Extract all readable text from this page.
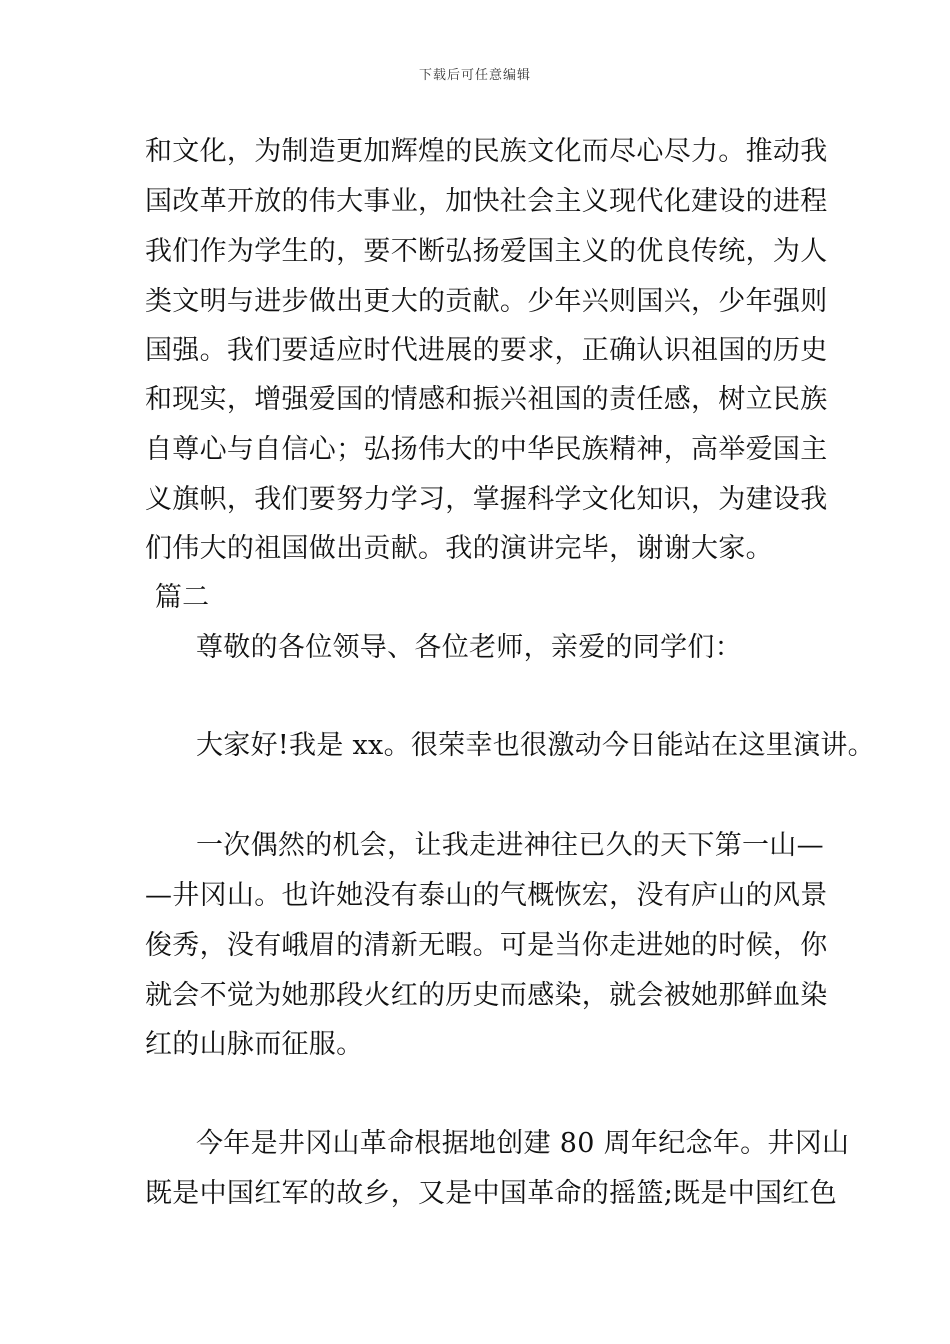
下载后可任意编辑
和文化，为制造更加辉煌的民族文化而尽心尽力。推动我
国改革开放的伟大事业，加快社会主义现代化建设的进程
我们作为学生的，要不断弘扬爱国主义的优良传统，为人
类文明与进步做出更大的贡献。少年兴则国兴，少年强则
国强。我们要适应时代进展的要求，正确认识祖国的历史
和现实，增强爱国的情感和振兴祖国的责任感，树立民族
自尊心与自信心；弘扬伟大的中华民族精神，高举爱国主
义旗帜，我们要努力学习，掌握科学文化知识，为建设我
们伟大的祖国做出贡献。我的演讲完毕，谢谢大家。
篇二
尊敬的各位领导、各位老师，亲爱的同学们：
大家好!我是 xx。很荣幸也很激动今日能站在这里演讲。
一次偶然的机会，让我走进神往已久的天下第一山—
—井冈山。也许她没有泰山的气概恢宏，没有庐山的风景
俊秀，没有峨眉的清新无暇。可是当你走进她的时候，你
就会不觉为她那段火红的历史而感染，就会被她那鲜血染
红的山脉而征服。
今年是井冈山革命根据地创建 80 周年纪念年。井冈山
既是中国红军的故乡，又是中国革命的摇篮;既是中国红色
